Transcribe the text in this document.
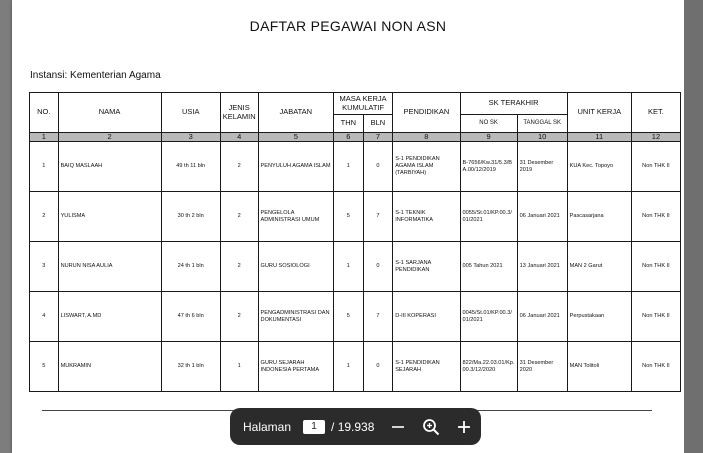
DAFTAR PEGAWAI NON ASN
Instansi: Kementerian Agama
NO.	NAMA	USIA	JENIS KELAMIN	JABATAN	MASA KERJA KUMULATIF		PENDIDIKAN	SK TERAKHIR		UNIT KERJA	KET.
					THN	BLN		NO SK	TANGGAL SK		
1	2	3	4	5	6	7	8	9	10	11	12
1	BAIQ MASLAAH	49 th 11 bln	2	PENYULUH AGAMA ISLAM	1	0	S-1 PENDIDIKAN AGAMA ISLAM (TARBIYAH)	B-7656/Kw.31/5.3/BA.00/12/2019	31 Desember 2019	KUA Kec. Topoyo	Non THK II
2	YULISMA	30 th 2 bln	2	PENGELOLA ADMINISTRASI UMUM	5	7	S-1 TEKNIK INFORMATIKA	0055/St.01/KP.00.3/01/2021	06 Januari 2021	Pascasarjana	Non THK II
3	NURUN NISA AULIA	24 th 1 bln	2	GURU SOSIOLOGI	1	0	S-1 SARJANA PENDIDIKAN	005 Tahun 2021	13 Januari 2021	MAN 2 Garut	Non THK II
4	LISWART, A.MD	47 th 6 bln	2	PENGADMINISTRASI DAN DOKUMENTASI	5	7	D-III KOPERASI	0045/St.01/KP.00.3/01/2021	06 Januari 2021	Perpustakaan	Non THK II
5	MUKRAMIN	32 th 1 bln	1	GURU SEJARAH INDONESIA PERTAMA	1	0	S-1 PENDIDIKAN SEJARAH	822/Ma.22.03.01/Kp.00.3/12/2020	31 Desember 2020	MAN Tolitoli	Non THK II
Halaman
1	/ 19.938
